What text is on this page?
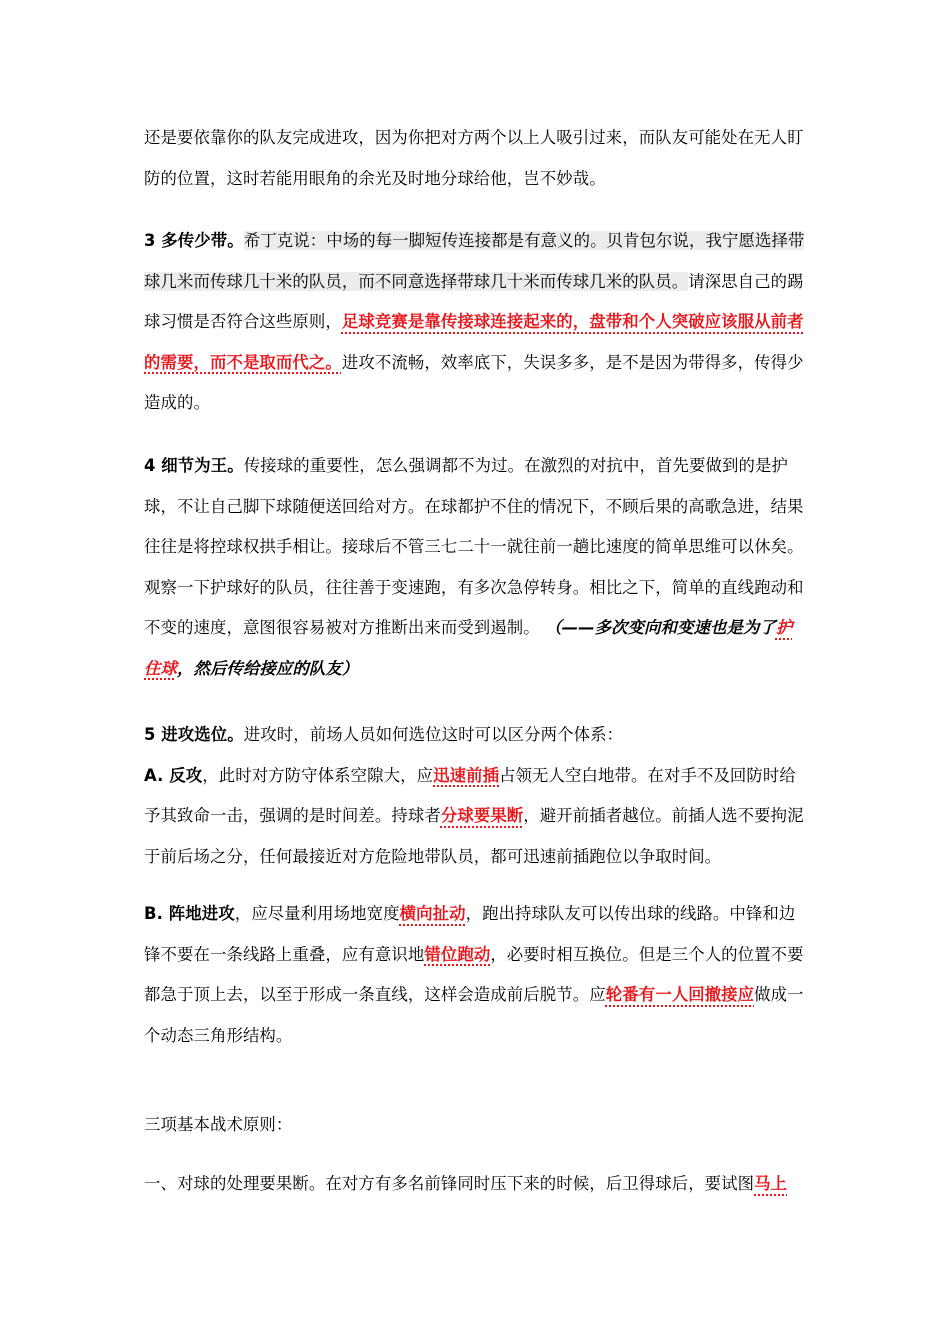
还是要依靠你的队友完成进攻，因为你把对方两个以上人吸引过来，而队友可能处在无人盯防的位置，这时若能用眼角的余光及时地分球给他，岂不妙哉。
3 多传少带。希丁克说：中场的每一脚短传连接都是有意义的。贝肯包尔说，我宁愿选择带球几米而传球几十米的队员，而不同意选择带球几十米而传球几米的队员。请深思自己的踢球习惯是否符合这些原则，足球竞赛是靠传接球连接起来的，盘带和个人突破应该服从前者的需要，而不是取而代之。进攻不流畅，效率底下，失误多多，是不是因为带得多，传得少造成的。
4 细节为王。传接球的重要性，怎么强调都不为过。在激烈的对抗中，首先要做到的是护球，不让自己脚下球随便送回给对方。在球都护不住的情况下，不顾后果的高歌急进，结果往往是将控球权拱手相让。接球后不管三七二十一就往前一趟比速度的简单思维可以休矣。观察一下护球好的队员，往往善于变速跑，有多次急停转身。相比之下，简单的直线跑动和不变的速度，意图很容易被对方推断出来而受到遏制。 （——多次变向和变速也是为了护住球，然后传给接应的队友）
5 进攻选位。进攻时，前场人员如何选位这时可以区分两个体系：
A. 反攻，此时对方防守体系空隙大，应迅速前插占领无人空白地带。在对手不及回防时给予其致命一击，强调的是时间差。持球者分球要果断，避开前插者越位。前插人选不要拘泥于前后场之分，任何最接近对方危险地带队员，都可迅速前插跑位以争取时间。
B. 阵地进攻，应尽量利用场地宽度横向扯动，跑出持球队友可以传出球的线路。中锋和边锋不要在一条线路上重叠，应有意识地错位跑动，必要时相互换位。但是三个人的位置不要都急于顶上去，以至于形成一条直线，这样会造成前后脱节。应轮番有一人回撤接应做成一个动态三角形结构。
三项基本战术原则：
一、对球的处理要果断。在对方有多名前锋同时压下来的时候，后卫得球后，要试图马上
